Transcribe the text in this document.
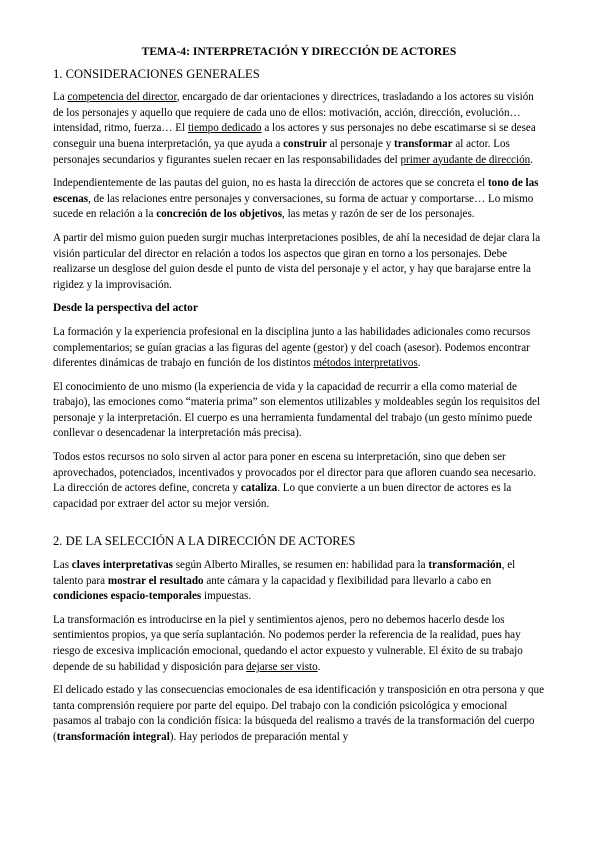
TEMA-4: INTERPRETACIÓN Y DIRECCIÓN DE ACTORES
1. CONSIDERACIONES GENERALES

La competencia del director, encargado de dar orientaciones y directrices, trasladando a los actores su visión de los personajes y aquello que requiere de cada uno de ellos: motivación, acción, dirección, evolución… intensidad, ritmo, fuerza… El tiempo dedicado a los actores y sus personajes no debe escatimarse si se desea conseguir una buena interpretación, ya que ayuda a construir al personaje y transformar al actor. Los personajes secundarios y figurantes suelen recaer en las responsabilidades del primer ayudante de dirección.

Independientemente de las pautas del guion, no es hasta la dirección de actores que se concreta el tono de las escenas, de las relaciones entre personajes y conversaciones, su forma de actuar y comportarse… Lo mismo sucede en relación a la concreción de los objetivos, las metas y razón de ser de los personajes.

A partir del mismo guion pueden surgir muchas interpretaciones posibles, de ahí la necesidad de dejar clara la visión particular del director en relación a todos los aspectos que giran en torno a los personajes. Debe realizarse un desglose del guion desde el punto de vista del personaje y el actor, y hay que barajarse entre la rigidez y la improvisación.

Desde la perspectiva del actor

La formación y la experiencia profesional en la disciplina junto a las habilidades adicionales como recursos complementarios; se guían gracias a las figuras del agente (gestor) y del coach (asesor). Podemos encontrar diferentes dinámicas de trabajo en función de los distintos métodos interpretativos.

El conocimiento de uno mismo (la experiencia de vida y la capacidad de recurrir a ella como material de trabajo), las emociones como “materia prima” son elementos utilizables y moldeables según los requisitos del personaje y la interpretación. El cuerpo es una herramienta fundamental del trabajo (un gesto mínimo puede conllevar o desencadenar la interpretación más precisa).

Todos estos recursos no solo sirven al actor para poner en escena su interpretación, sino que deben ser aprovechados, potenciados, incentivados y provocados por el director para que afloren cuando sea necesario. La dirección de actores define, concreta y cataliza. Lo que convierte a un buen director de actores es la capacidad por extraer del actor su mejor versión.

2. DE LA SELECCIÓN A LA DIRECCIÓN DE ACTORES

Las claves interpretativas según Alberto Miralles, se resumen en: habilidad para la transformación, el talento para mostrar el resultado ante cámara y la capacidad y flexibilidad para llevarlo a cabo en condiciones espacio-temporales impuestas.

La transformación es introducirse en la piel y sentimientos ajenos, pero no debemos hacerlo desde los sentimientos propios, ya que sería suplantación. No podemos perder la referencia de la realidad, pues hay riesgo de excesiva implicación emocional, quedando el actor expuesto y vulnerable. El éxito de su trabajo depende de su habilidad y disposición para dejarse ser visto.

El delicado estado y las consecuencias emocionales de esa identificación y transposición en otra persona y que tanta comprensión requiere por parte del equipo. Del trabajo con la condición psicológica y emocional pasamos al trabajo con la condición física: la búsqueda del realismo a través de la transformación del cuerpo (transformación integral). Hay periodos de preparación mental y
